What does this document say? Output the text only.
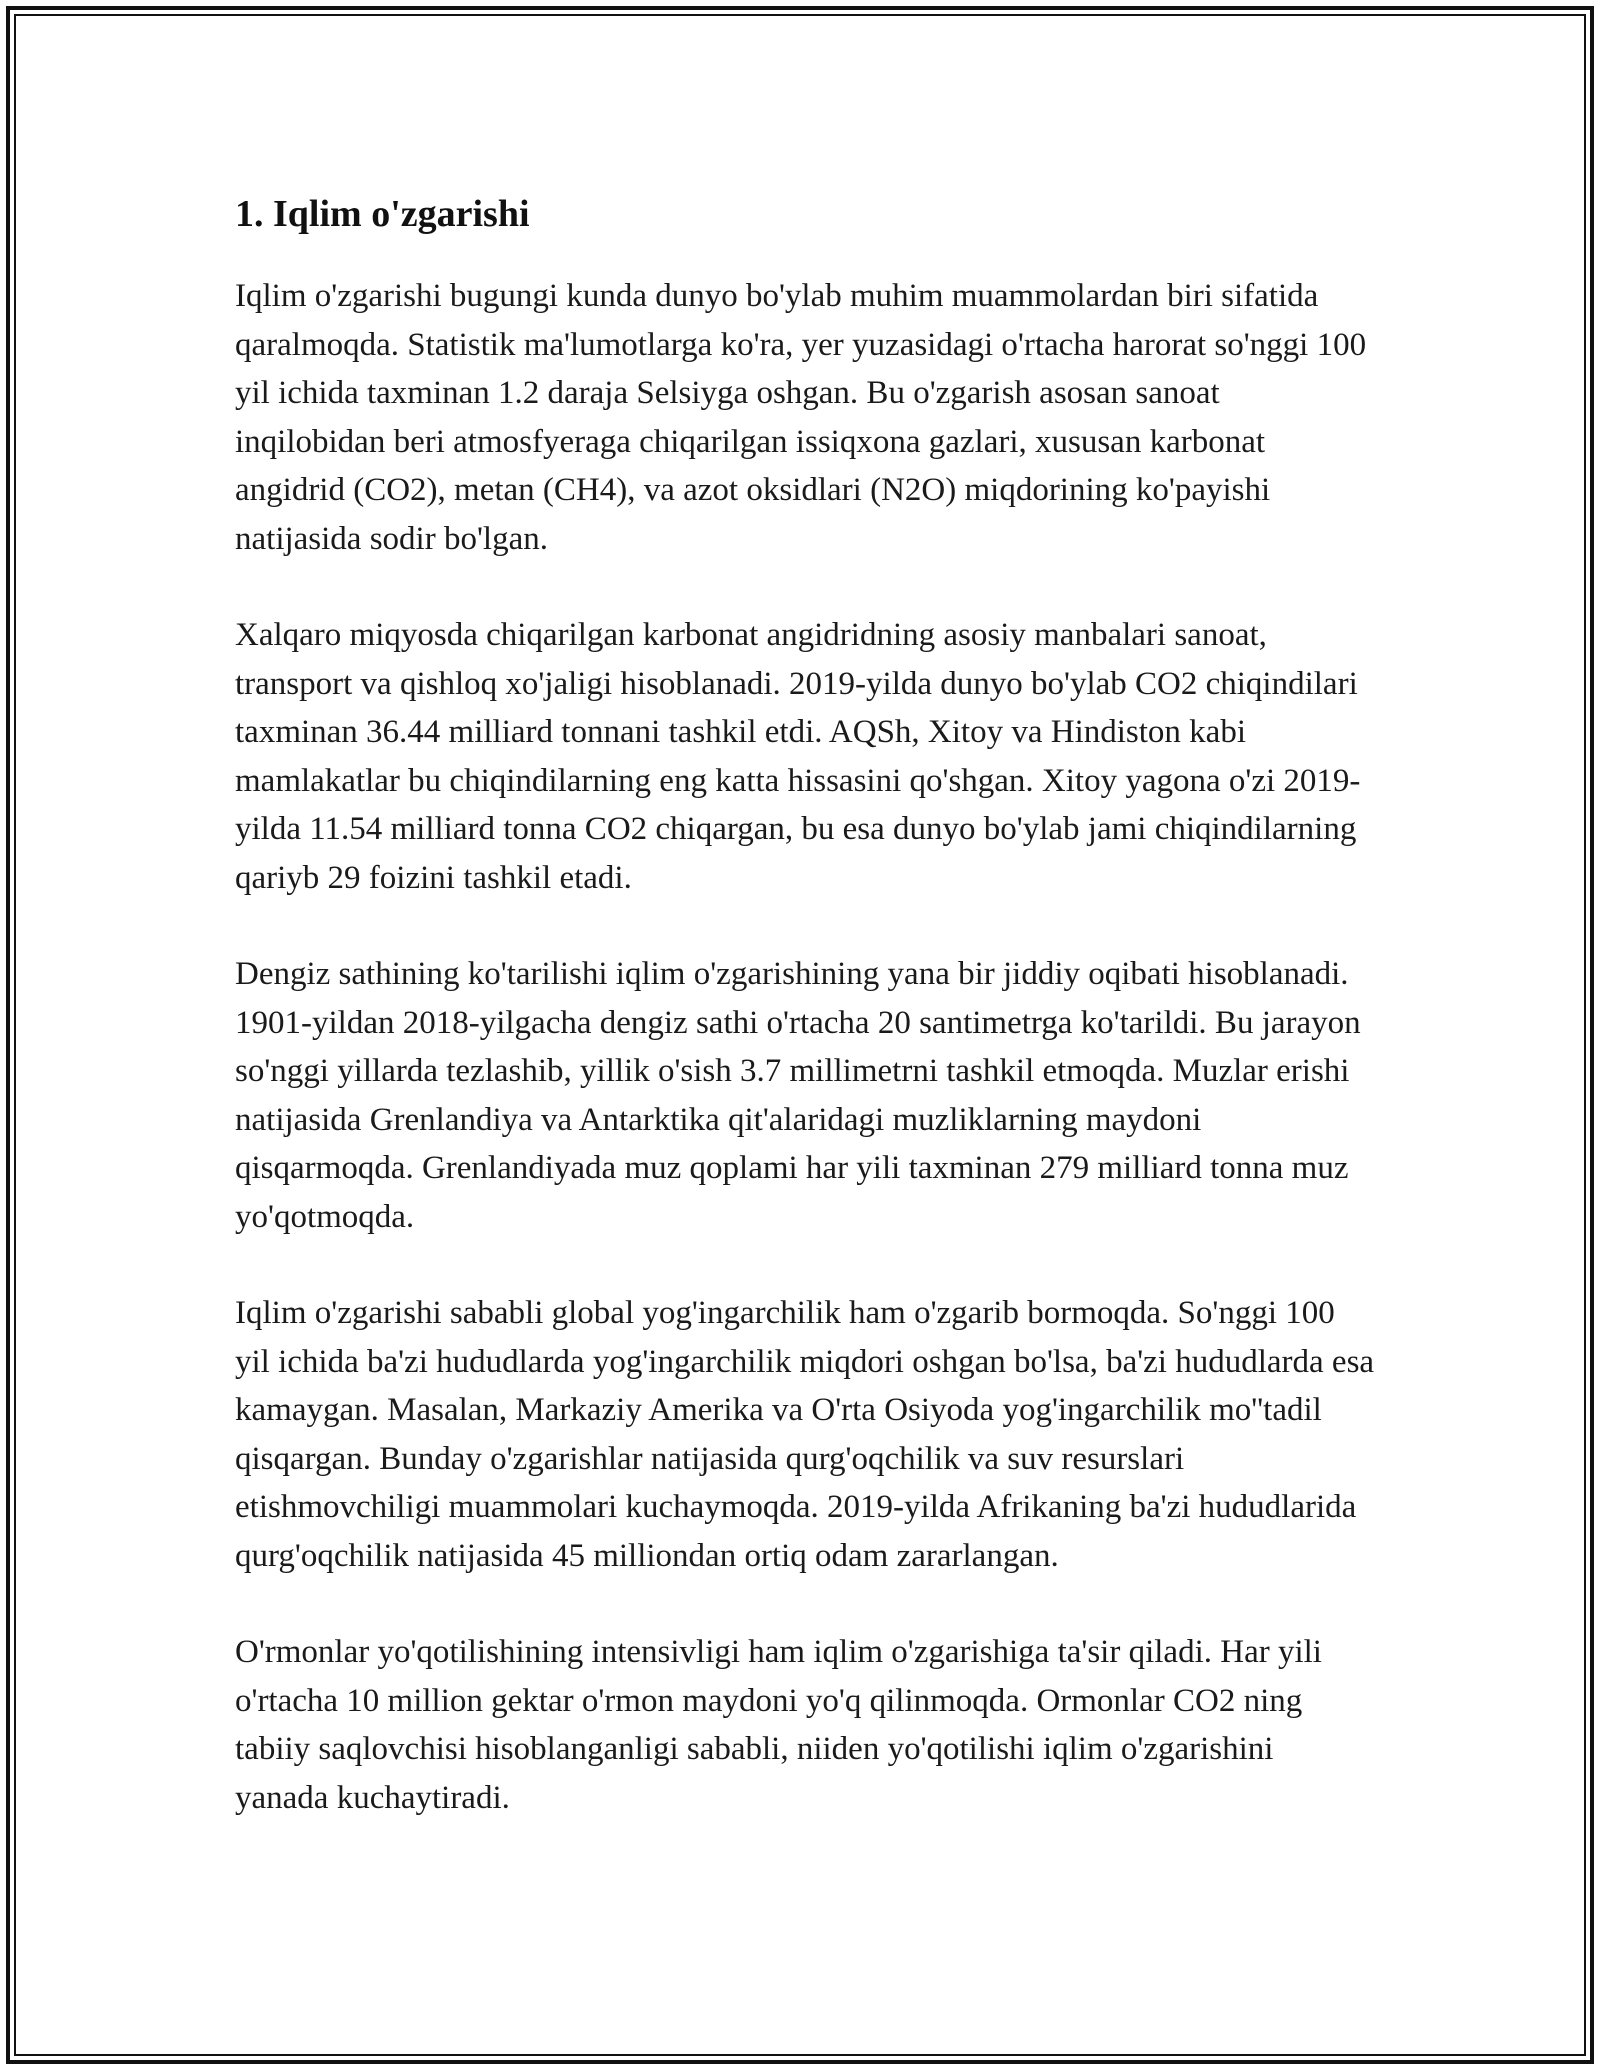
1. Iqlim o'zgarishi

Iqlim o'zgarishi bugungi kunda dunyo bo'ylab muhim muammolardan biri sifatida qaralmoqda. Statistik ma'lumotlarga ko'ra, yer yuzasidagi o'rtacha harorat so'nggi 100 yil ichida taxminan 1.2 daraja Selsiyga oshgan. Bu o'zgarish asosan sanoat inqilobidan beri atmosfyeraga chiqarilgan issiqxona gazlari, xususan karbonat angidrid (CO2), metan (CH4), va azot oksidlari (N2O) miqdorining ko'payishi natijasida sodir bo'lgan.

Xalqaro miqyosda chiqarilgan karbonat angidridning asosiy manbalari sanoat, transport va qishloq xo'jaligi hisoblanadi. 2019-yilda dunyo bo'ylab CO2 chiqindilari taxminan 36.44 milliard tonnani tashkil etdi. AQSh, Xitoy va Hindiston kabi mamlakatlar bu chiqindilarning eng katta hissasini qo'shgan. Xitoy yagona o'zi 2019-yilda 11.54 milliard tonna CO2 chiqargan, bu esa dunyo bo'ylab jami chiqindilarning qariyb 29 foizini tashkil etadi.

Dengiz sathining ko'tarilishi iqlim o'zgarishining yana bir jiddiy oqibati hisoblanadi. 1901-yildan 2018-yilgacha dengiz sathi o'rtacha 20 santimetrga ko'tarildi. Bu jarayon so'nggi yillarda tezlashib, yillik o'sish 3.7 millimetrni tashkil etmoqda. Muzlar erishi natijasida Grenlandiya va Antarktika qit'alaridagi muzliklarning maydoni qisqarmoqda. Grenlandiyada muz qoplami har yili taxminan 279 milliard tonna muz yo'qotmoqda.

Iqlim o'zgarishi sababli global yog'ingarchilik ham o'zgarib bormoqda. So'nggi 100 yil ichida ba'zi hududlarda yog'ingarchilik miqdori oshgan bo'lsa, ba'zi hududlarda esa kamaygan. Masalan, Markaziy Amerika va O'rta Osiyoda yog'ingarchilik mo''tadil qisqargan. Bunday o'zgarishlar natijasida qurg'oqchilik va suv resurslari etishmovchiligi muammolari kuchaymoqda. 2019-yilda Afrikaning ba'zi hududlarida qurg'oqchilik natijasida 45 milliondan ortiq odam zararlangan.

O'rmonlar yo'qotilishining intensivligi ham iqlim o'zgarishiga ta'sir qiladi. Har yili o'rtacha 10 million gektar o'rmon maydoni yo'q qilinmoqda. Ormonlar CO2 ning tabiiy saqlovchisi hisoblanganligi sababli, niiden yo'qotilishi iqlim o'zgarishini yanada kuchaytiradi.
